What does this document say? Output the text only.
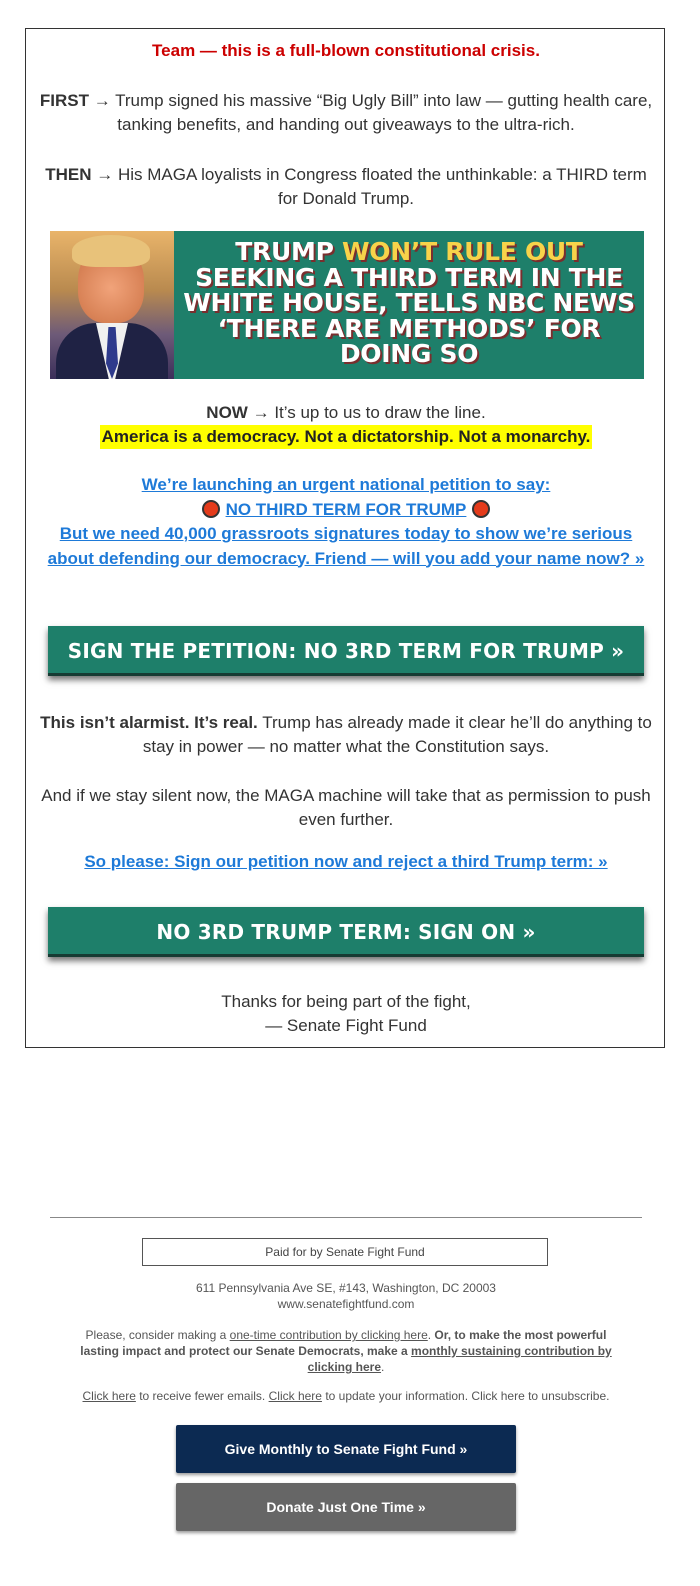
Team — this is a full-blown constitutional crisis.
FIRST → Trump signed his massive “Big Ugly Bill” into law — gutting health care, tanking benefits, and handing out giveaways to the ultra-rich.
THEN → His MAGA loyalists in Congress floated the unthinkable: a THIRD term for Donald Trump.
TRUMP WON’T RULE OUT SEEKING A THIRD TERM IN THE WHITE HOUSE, TELLS NBC NEWS ‘THERE ARE METHODS’ FOR DOING SO
NOW → It’s up to us to draw the line.
America is a democracy. Not a dictatorship. Not a monarchy.
We’re launching an urgent national petition to say:
NO THIRD TERM FOR TRUMP
But we need 40,000 grassroots signatures today to show we’re serious about defending our democracy. Friend — will you add your name now? »
SIGN THE PETITION: NO 3RD TERM FOR TRUMP »
This isn’t alarmist. It’s real. Trump has already made it clear he’ll do anything to stay in power — no matter what the Constitution says.
And if we stay silent now, the MAGA machine will take that as permission to push even further.
So please: Sign our petition now and reject a third Trump term: »
NO 3RD TRUMP TERM: SIGN ON »
Thanks for being part of the fight,
— Senate Fight Fund
Paid for by Senate Fight Fund
611 Pennsylvania Ave SE, #143, Washington, DC 20003
www.senatefightfund.com
Please, consider making a one-time contribution by clicking here. Or, to make the most powerful lasting impact and protect our Senate Democrats, make a monthly sustaining contribution by clicking here.
Click here to receive fewer emails. Click here to update your information. Click here to unsubscribe.
Give Monthly to Senate Fight Fund »
Donate Just One Time »
